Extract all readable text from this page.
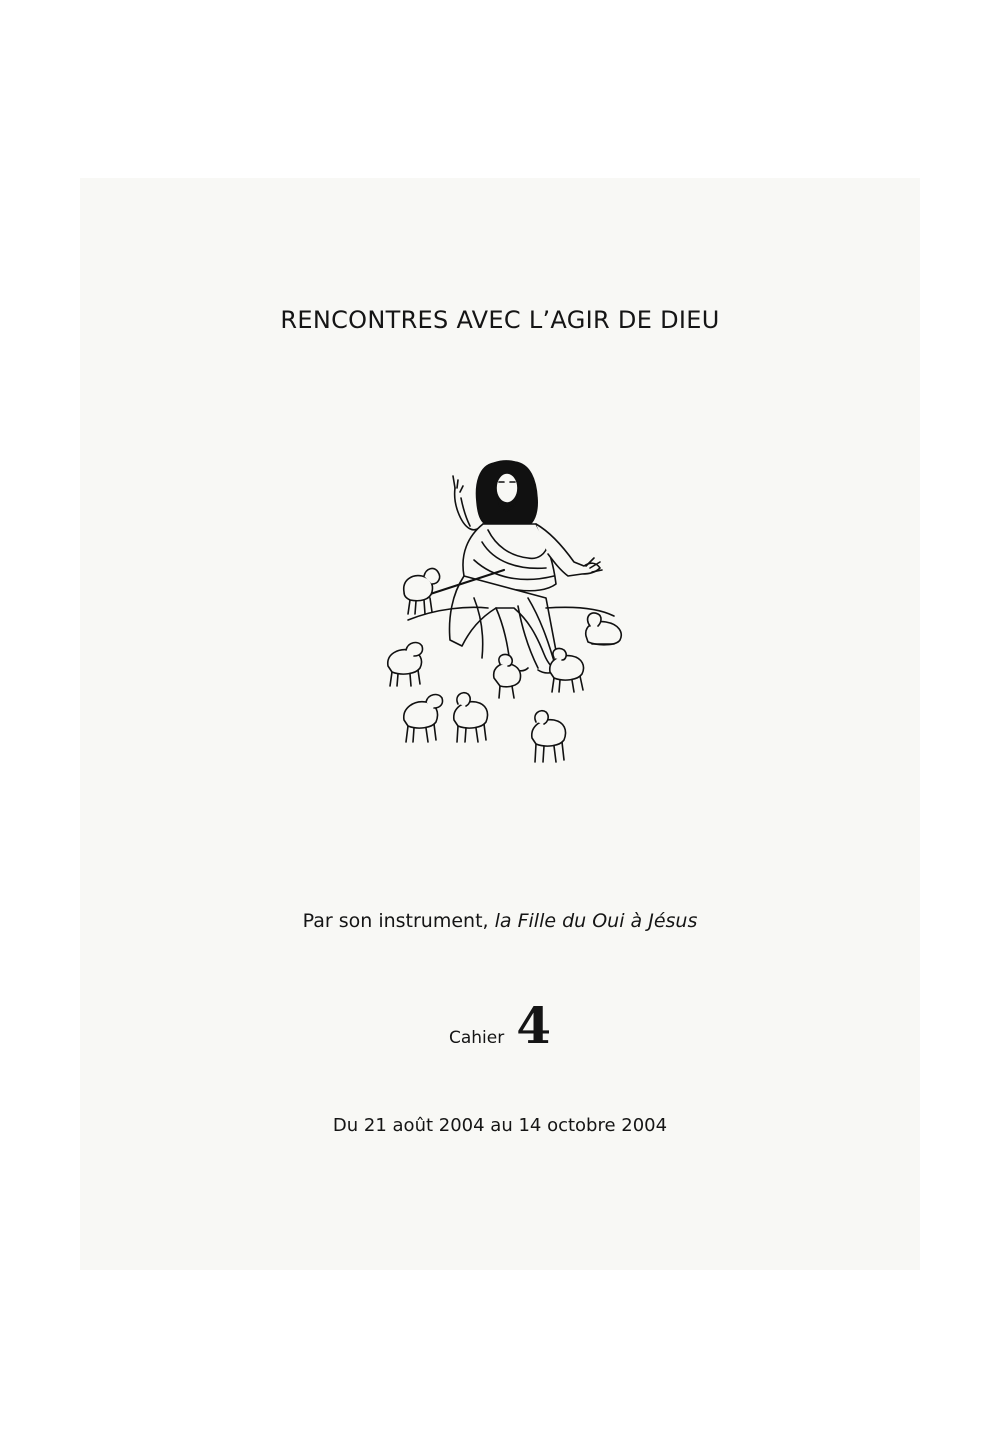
RENCONTRES AVEC L’AGIR DE DIEU
Par son instrument, la Fille du Oui à Jésus
Cahier 4
Du 21 août 2004 au 14 octobre 2004
